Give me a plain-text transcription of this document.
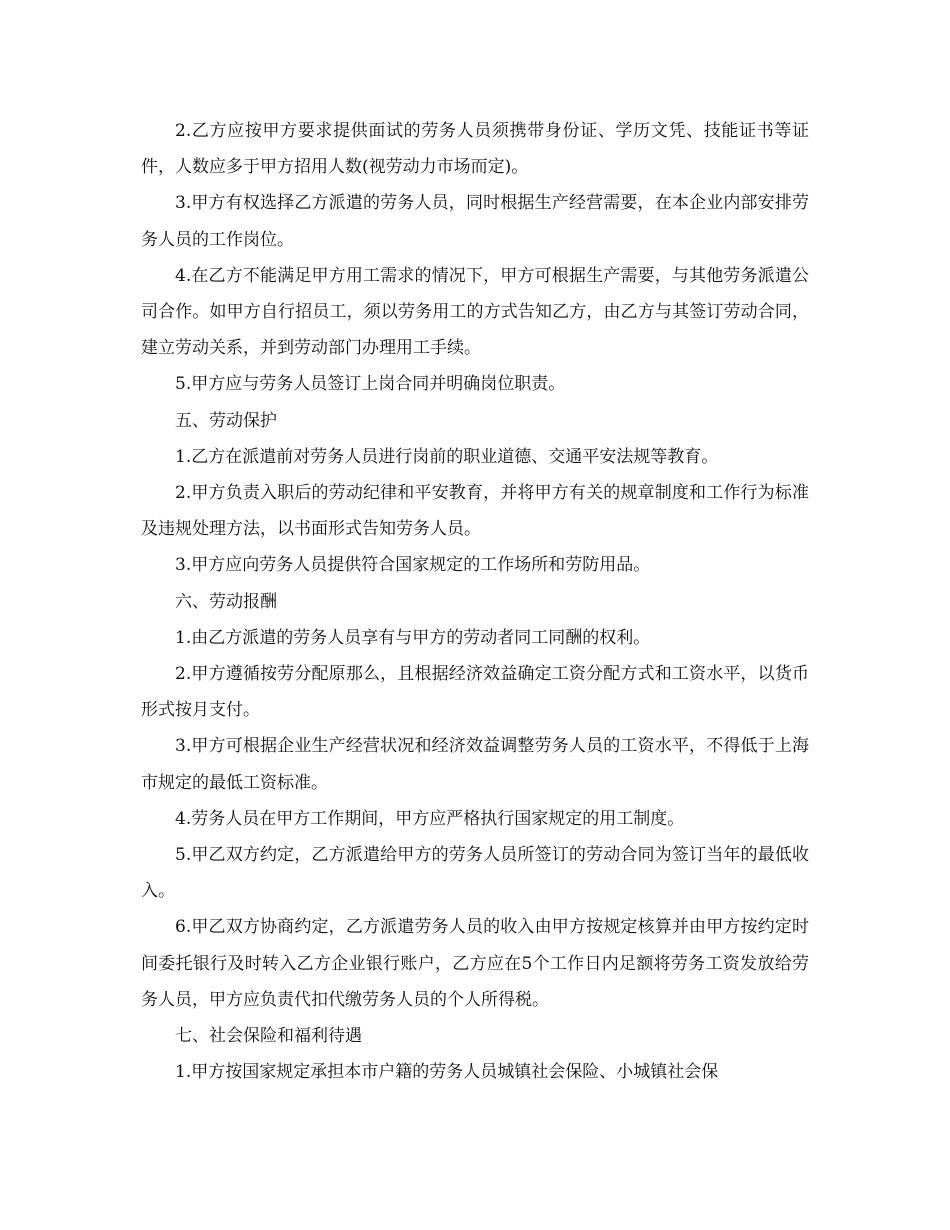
2.乙方应按甲方要求提供面试的劳务人员须携带身份证、学历文凭、技能证书等证件，人数应多于甲方招用人数(视劳动力市场而定)。

3.甲方有权选择乙方派遣的劳务人员，同时根据生产经营需要，在本企业内部安排劳务人员的工作岗位。

4.在乙方不能满足甲方用工需求的情况下，甲方可根据生产需要，与其他劳务派遣公司合作。如甲方自行招员工，须以劳务用工的方式告知乙方，由乙方与其签订劳动合同，建立劳动关系，并到劳动部门办理用工手续。

5.甲方应与劳务人员签订上岗合同并明确岗位职责。

五、劳动保护

1.乙方在派遣前对劳务人员进行岗前的职业道德、交通平安法规等教育。

2.甲方负责入职后的劳动纪律和平安教育，并将甲方有关的规章制度和工作行为标准及违规处理方法，以书面形式告知劳务人员。

3.甲方应向劳务人员提供符合国家规定的工作场所和劳防用品。

六、劳动报酬

1.由乙方派遣的劳务人员享有与甲方的劳动者同工同酬的权利。

2.甲方遵循按劳分配原那么，且根据经济效益确定工资分配方式和工资水平，以货币形式按月支付。

3.甲方可根据企业生产经营状况和经济效益调整劳务人员的工资水平，不得低于上海市规定的最低工资标准。

4.劳务人员在甲方工作期间，甲方应严格执行国家规定的用工制度。

5.甲乙双方约定，乙方派遣给甲方的劳务人员所签订的劳动合同为签订当年的最低收入。

6.甲乙双方协商约定，乙方派遣劳务人员的收入由甲方按规定核算并由甲方按约定时间委托银行及时转入乙方企业银行账户，乙方应在5个工作日内足额将劳务工资发放给劳务人员，甲方应负责代扣代缴劳务人员的个人所得税。

七、社会保险和福利待遇

1.甲方按国家规定承担本市户籍的劳务人员城镇社会保险、小城镇社会保
